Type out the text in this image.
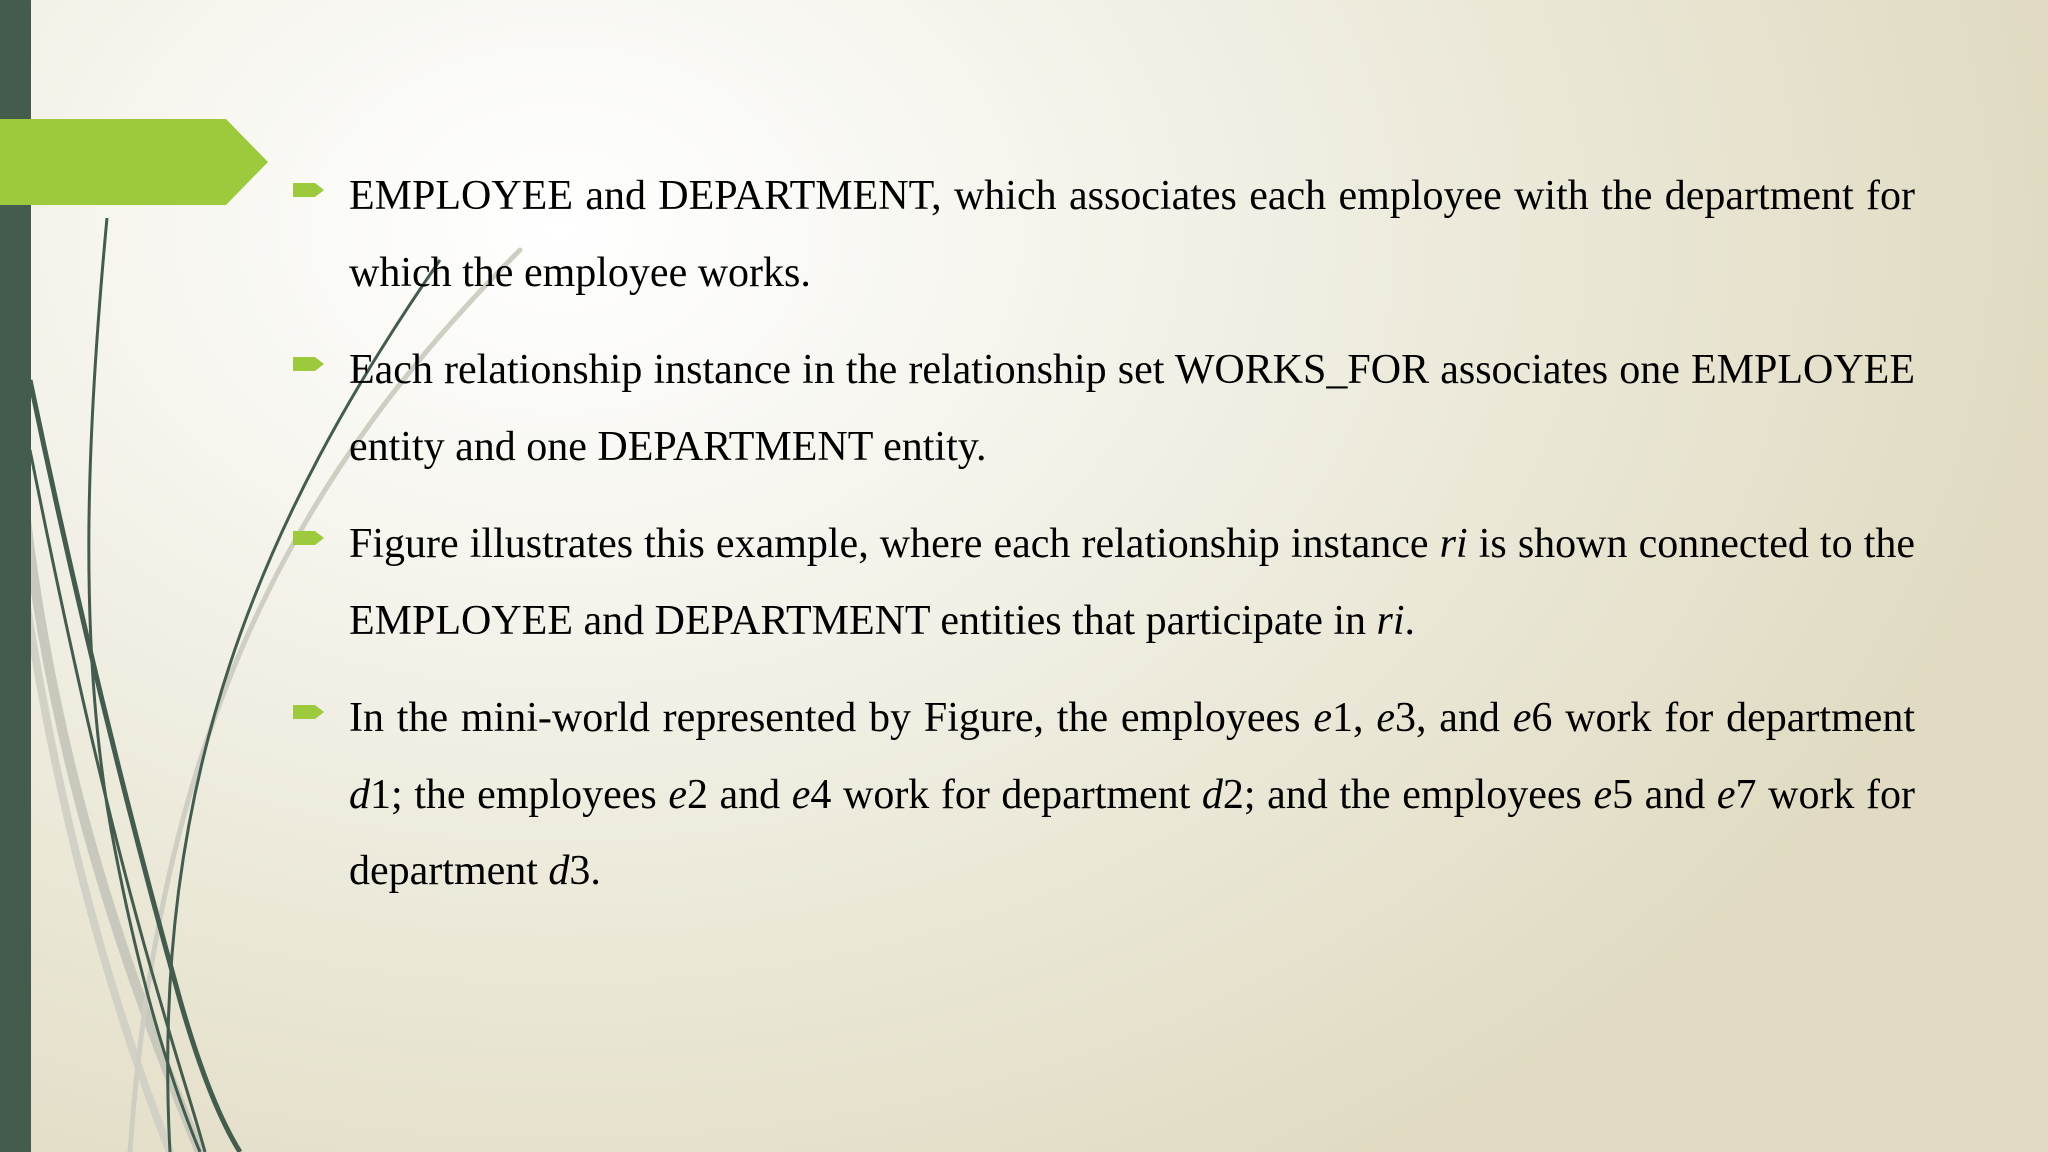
EMPLOYEE and DEPARTMENT, which associates each employee with the department for which the employee works.

Each relationship instance in the relationship set WORKS_FOR associates one EMPLOYEE entity and one DEPARTMENT entity.

Figure illustrates this example, where each relationship instance ri is shown connected to the EMPLOYEE and DEPARTMENT entities that participate in ri.

In the mini-world represented by Figure, the employees e1, e3, and e6 work for department d1; the employees e2 and e4 work for department d2; and the employees e5 and e7 work for department d3.
